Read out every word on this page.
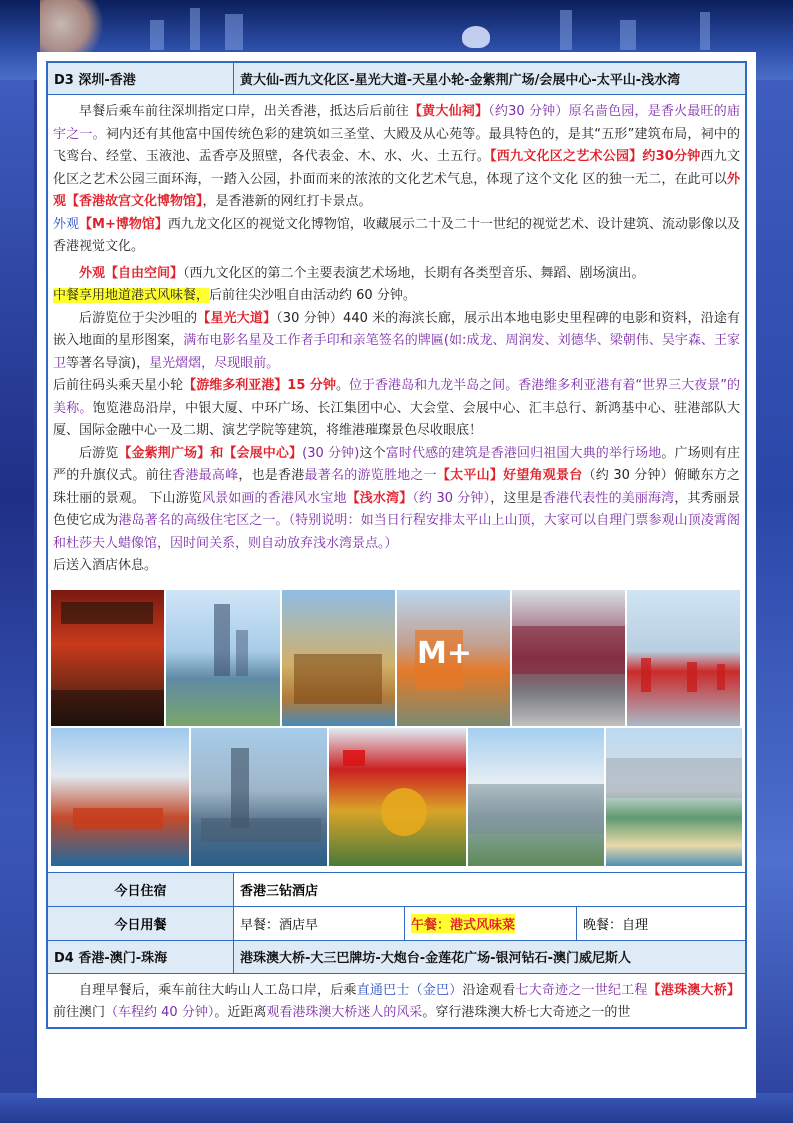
D3 深圳-香港	黄大仙-西九文化区-星光大道-天星小轮-金紫荆广场/会展中心-太平山-浅水湾

早餐后乘车前往深圳指定口岸，出关香港，抵达后后前往【黄大仙祠】（约30 分钟）原名啬色园，是香火最旺的庙宇之一。祠内还有其他富中国传统色彩的建筑如三圣堂、大殿及从心苑等。最具特色的，是其“五形”建筑布局，祠中的飞鸾台、经堂、玉液池、盂香亭及照壁，各代表金、木、水、火、土五行。【西九文化区之艺术公园】约30分钟西九文化区之艺术公园三面环海，一踏入公园，扑面而来的浓浓的文化艺术气息，体现了这个文化 区的独一无二，在此可以外观【香港故宫文化博物馆】，是香港新的网红打卡景点。

外观【M+博物馆】西九龙文化区的视觉文化博物馆，收藏展示二十及二十一世纪的视觉艺术、设计建筑、流动影像以及香港视觉文化。

外观【自由空间】（西九文化区的第二个主要表演艺术场地，长期有各类型音乐、舞蹈、剧场演出。

中餐享用地道港式风味餐，后前往尖沙咀自由活动约 60 分钟。

后游览位于尖沙咀的【星光大道】（30 分钟）440 米的海滨长廊，展示出本地电影史里程碑的电影和资料，沿途有嵌入地面的星形图案，满布电影名星及工作者手印和亲笔签名的牌匾(如:成龙、周润发、刘德华、梁朝伟、吴宇森、王家卫等著名导演)，星光熠熠，尽现眼前。

后前往码头乘天星小轮【游维多利亚港】15 分钟。位于香港岛和九龙半岛之间。香港维多利亚港有着“世界三大夜景”的美称。饱览港岛沿岸，中银大厦、中环广场、长江集团中心、大会堂、会展中心、汇丰总行、新鸿基中心、驻港部队大厦、国际金融中心一及二期、演艺学院等建筑，将维港璀璨景色尽收眼底！

后游览【金紫荆广场】和【会展中心】(30 分钟)这个富时代感的建筑是香港回归祖国大典的举行场地。广场则有庄严的升旗仪式。前往香港最高峰，也是香港最著名的游览胜地之一【太平山】好望角观景台（约 30 分钟）俯瞰东方之珠壮丽的景观。 下山游览风景如画的香港风水宝地【浅水湾】（约 30 分钟），这里是香港代表性的美丽海湾，其秀丽景色使它成为港岛著名的高级住宅区之一。（特别说明：如当日行程安排太平山上山顶，大家可以自理门票参观山顶凌霄阁和杜莎夫人蜡像馆，因时间关系，则自动放弃浅水湾景点。）

后送入酒店休息。

M+
今日住宿	香港三钻酒店
今日用餐	早餐：酒店早	午餐：港式风味菜	晚餐：自理
D4 香港-澳门-珠海	港珠澳大桥-大三巴牌坊-大炮台-金莲花广场-银河钻石-澳门威尼斯人

自理早餐后，乘车前往大屿山人工岛口岸，后乘直通巴士（金巴）沿途观看七大奇迹之一世纪工程【港珠澳大桥】前往澳门（车程约 40 分钟）。近距离观看港珠澳大桥迷人的风采。穿行港珠澳大桥七大奇迹之一的世
